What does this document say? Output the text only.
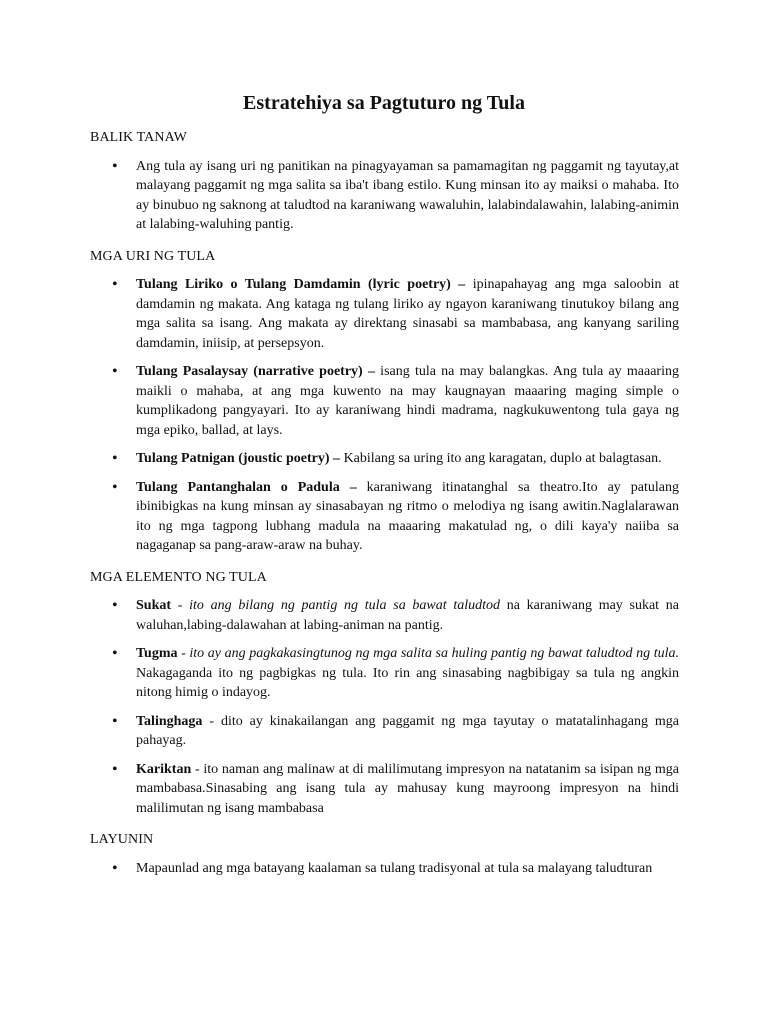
Estratehiya sa Pagtuturo ng Tula
BALIK TANAW
• Ang tula ay isang uri ng panitikan na pinagyayaman sa pamamagitan ng paggamit ng tayutay,at malayang paggamit ng mga salita sa iba't ibang estilo. Kung minsan ito ay maiksi o mahaba. Ito ay binubuo ng saknong at taludtod na karaniwang wawaluhin, lalabindalawahin, lalabing-animin at lalabing-waluhing pantig.
MGA URI NG TULA
• Tulang Liriko o Tulang Damdamin (lyric poetry) – ipinapahayag ang mga saloobin at damdamin ng makata. Ang kataga ng tulang liriko ay ngayon karaniwang tinutukoy bilang ang mga salita sa isang. Ang makata ay direktang sinasabi sa mambabasa, ang kanyang sariling damdamin, iniisip, at persepsyon.
• Tulang Pasalaysay (narrative poetry) – isang tula na may balangkas. Ang tula ay maaaring maikli o mahaba, at ang mga kuwento na may kaugnayan maaaring maging simple o kumplikadong pangyayari. Ito ay karaniwang hindi madrama, nagkukuwentong tula gaya ng mga epiko, ballad, at lays.
• Tulang Patnigan (joustic poetry) – Kabilang sa uring ito ang karagatan, duplo at balagtasan.
• Tulang Pantanghalan o Padula – karaniwang itinatanghal sa theatro.Ito ay patulang ibinibigkas na kung minsan ay sinasabayan ng ritmo o melodiya ng isang awitin.Naglalarawan ito ng mga tagpong lubhang madula na maaaring makatulad ng, o dili kaya'y naiiba sa nagaganap sa pang-araw-araw na buhay.
MGA ELEMENTO NG TULA
• Sukat - ito ang bilang ng pantig ng tula sa bawat taludtod na karaniwang may sukat na waluhan,labing-dalawahan at labing-animan na pantig.
• Tugma - ito ay ang pagkakasingtunog ng mga salita sa huling pantig ng bawat taludtod ng tula. Nakagaganda ito ng pagbigkas ng tula. Ito rin ang sinasabing nagbibigay sa tula ng angkin nitong himig o indayog.
• Talinghaga - dito ay kinakailangan ang paggamit ng mga tayutay o matatalinhagang mga pahayag.
• Kariktan - ito naman ang malinaw at di malilimutang impresyon na natatanim sa isipan ng mga mambabasa.Sinasabing ang isang tula ay mahusay kung mayroong impresyon na hindi malilimutan ng isang mambabasa
LAYUNIN
• Mapaunlad ang mga batayang kaalaman sa tulang tradisyonal at tula sa malayang taludturan
